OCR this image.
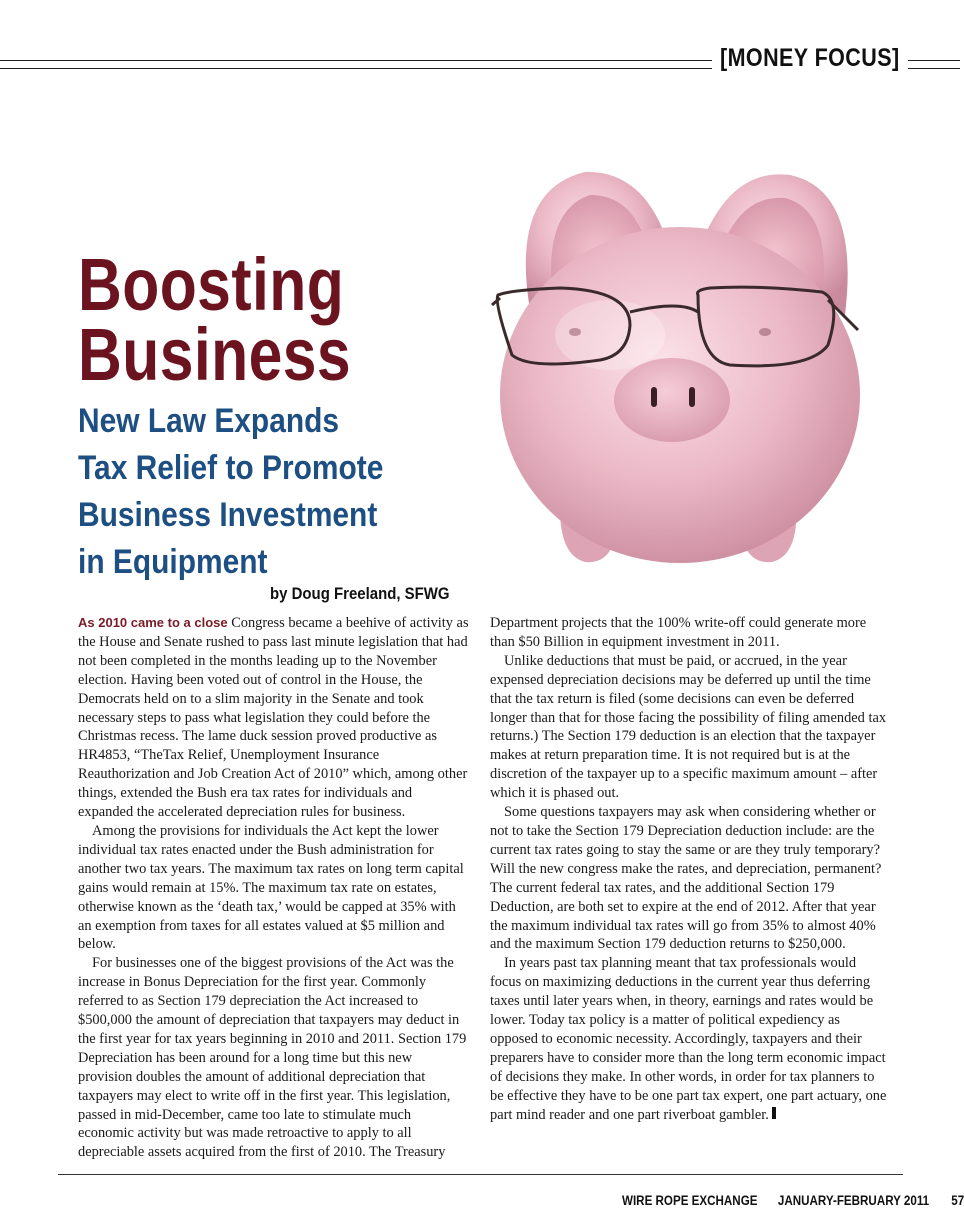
[MONEY FOCUS]
Boosting
Business
New Law Expands
Tax Relief to Promote
Business Investment
in Equipment
by Doug Freeland, SFWG

As 2010 came to a close Congress became a beehive of activity as the House and Senate rushed to pass last minute legislation that had not been completed in the months leading up to the November election. Having been voted out of control in the House, the Democrats held on to a slim majority in the Senate and took necessary steps to pass what legislation they could before the Christmas recess. The lame duck session proved productive as HR4853, “TheTax Relief, Unemployment Insurance Reauthorization and Job Creation Act of 2010” which, among other things, extended the Bush era tax rates for individuals and expanded the accelerated depreciation rules for business.

Among the provisions for individuals the Act kept the lower individual tax rates enacted under the Bush administration for another two tax years. The maximum tax rates on long term capital gains would remain at 15%. The maximum tax rate on estates, otherwise known as the ‘death tax,’ would be capped at 35% with an exemption from taxes for all estates valued at $5 million and below.

For businesses one of the biggest provisions of the Act was the increase in Bonus Depreciation for the first year. Commonly referred to as Section 179 depreciation the Act increased to $500,000 the amount of depreciation that taxpayers may deduct in the first year for tax years beginning in 2010 and 2011. Section 179 Depreciation has been around for a long time but this new provision doubles the amount of additional depreciation that taxpayers may elect to write off in the first year. This legislation, passed in mid-December, came too late to stimulate much economic activity but was made retroactive to apply to all depreciable assets acquired from the first of 2010. The Treasury

Department projects that the 100% write-off could generate more than $50 Billion in equipment investment in 2011.

Unlike deductions that must be paid, or accrued, in the year expensed depreciation decisions may be deferred up until the time that the tax return is filed (some decisions can even be deferred longer than that for those facing the possibility of filing amended tax returns.) The Section 179 deduction is an election that the taxpayer makes at return preparation time. It is not required but is at the discretion of the taxpayer up to a specific maximum amount – after which it is phased out.

Some questions taxpayers may ask when considering whether or not to take the Section 179 Depreciation deduction include: are the current tax rates going to stay the same or are they truly temporary? Will the new congress make the rates, and depreciation, permanent? The current federal tax rates, and the additional Section 179 Deduction, are both set to expire at the end of 2012. After that year the maximum individual tax rates will go from 35% to almost 40% and the maximum Section 179 deduction returns to $250,000.

In years past tax planning meant that tax professionals would focus on maximizing deductions in the current year thus deferring taxes until later years when, in theory, earnings and rates would be lower. Today tax policy is a matter of political expediency as opposed to economic necessity. Accordingly, taxpayers and their preparers have to consider more than the long term economic impact of decisions they make. In other words, in order for tax planners to be effective they have to be one part tax expert, one part actuary, one part mind reader and one part riverboat gambler.

WIRE ROPE EXCHANGE JANUARY-FEBRUARY 2011 57
